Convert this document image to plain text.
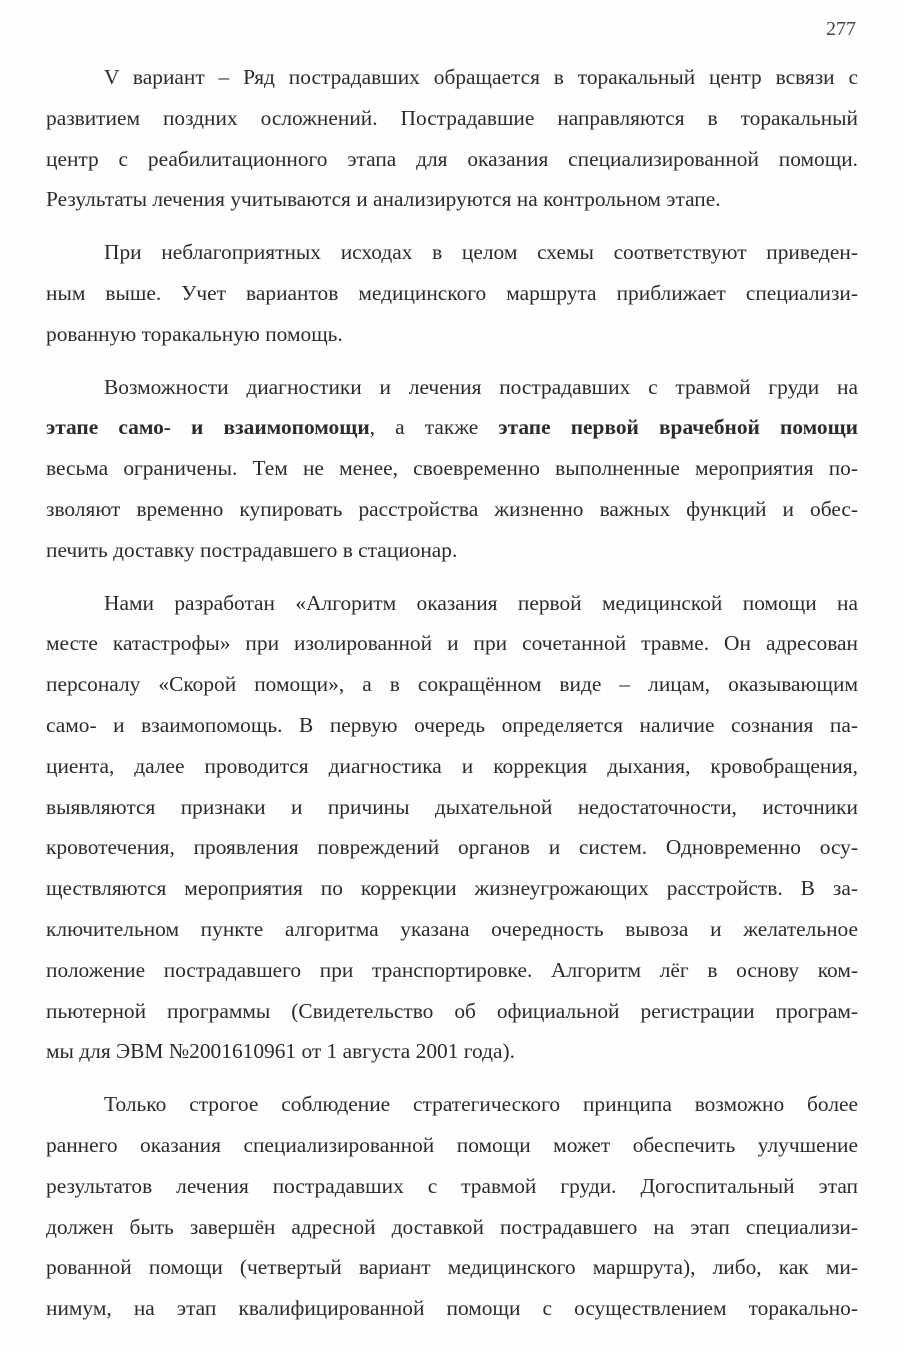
277
V вариант – Ряд пострадавших обращается в торакальный центр всвязи с
развитием поздних осложнений. Пострадавшие направляются в торакальный
центр с реабилитационного этапа для оказания специализированной помощи.
Результаты лечения учитываются и анализируются на контрольном этапе.
При неблагоприятных исходах в целом схемы соответствуют приведен-
ным выше. Учет вариантов медицинского маршрута приближает специализи-
рованную торакальную помощь.
Возможности диагностики и лечения пострадавших с травмой груди на
этапе само- и взаимопомощи, а также этапе первой врачебной помощи
весьма ограничены. Тем не менее, своевременно выполненные мероприятия по-
зволяют временно купировать расстройства жизненно важных функций и обес-
печить доставку пострадавшего в стационар.
Нами разработан «Алгоритм оказания первой медицинской помощи на
месте катастрофы» при изолированной и при сочетанной травме. Он адресован
персоналу «Скорой помощи», а в сокращённом виде – лицам, оказывающим
само- и взаимопомощь. В первую очередь определяется наличие сознания па-
циента, далее проводится диагностика и коррекция дыхания, кровобращения,
выявляются признаки и причины дыхательной недостаточности, источники
кровотечения, проявления повреждений органов и систем. Одновременно осу-
ществляются мероприятия по коррекции жизнеугрожающих расстройств. В за-
ключительном пункте алгоритма указана очередность вывоза и желательное
положение пострадавшего при транспортировке. Алгоритм лёг в основу ком-
пьютерной программы (Свидетельство об официальной регистрации програм-
мы для ЭВМ №2001610961 от 1 августа 2001 года).
Только строгое соблюдение стратегического принципа возможно более
раннего оказания специализированной помощи может обеспечить улучшение
результатов лечения пострадавших с травмой груди. Догоспитальный этап
должен быть завершён адресной доставкой пострадавшего на этап специализи-
рованной помощи (четвертый вариант медицинского маршрута), либо, как ми-
нимум, на этап квалифицированной помощи с осуществлением торакально-
